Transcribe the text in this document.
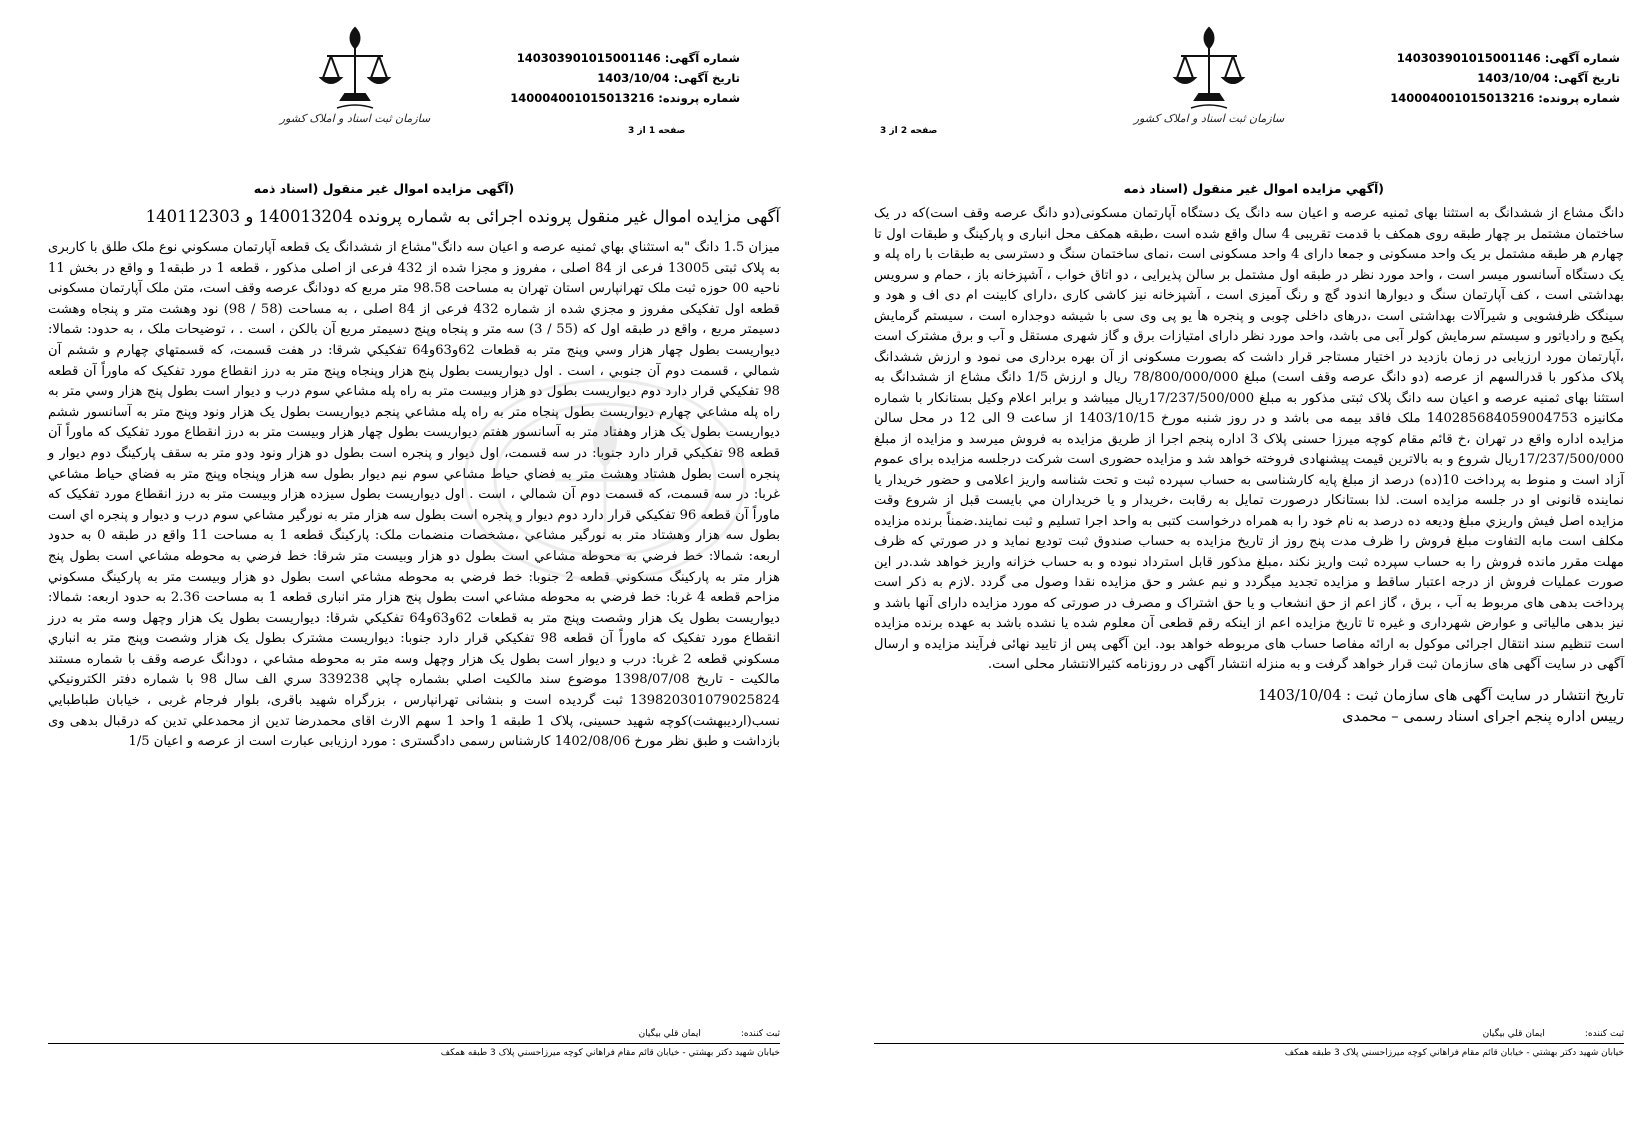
شماره آگهی:140303901015001146
تاریخ آگهی:1403/10/04
شماره پرونده:140004001015013216
سازمان ثبت اسناد و املاک کشور
صفحه 1 از 3
(آگهی مزایده اموال غیر منقول (اسناد ذمه
آگهی مزایده اموال غیر منقول پرونده اجرائی به شماره پرونده 140013204 و 140112303

میزان 1.5 دانگ "به استثناي بهاي ثمنيه عرصه و اعيان سه دانگ"مشاع از ششدانگ يک قطعه آپارتمان مسکوني نوع ملک طلق با کاربری به پلاک ثبتی 13005 فرعی از 84 اصلی ، مفروز و مجزا شده از 432 فرعی از اصلی مذکور ، قطعه 1 در طبقه1 و واقع در بخش 11 ناحيه 00 حوزه ثبت ملک تهرانپارس استان تهران به مساحت 98.58 متر مربع که دودانگ عرصه وقف است، متن ملک آپارتمان مسکونی قطعه اول تفکیکی مفروز و مجزي شده از شماره 432 فرعی از 84 اصلی ، به مساحت (58 / 98) نود وهشت متر و پنجاه وهشت دسیمتر مربع ، واقع در طبقه اول که (55 / 3) سه متر و پنجاه وپنج دسیمتر مربع آن بالکن ، است . ، توضیحات ملک ، به حدود: شمالا: دیواریست بطول چهار هزار وسي وپنج متر به قطعات 62و63و64 تفکیکي شرقا: در هفت قسمت، که قسمتهاي چهارم و ششم آن شمالي ، قسمت دوم آن جنوبي ، است . اول دیواریست بطول پنج هزار وپنجاه وپنج متر به درز انقطاع مورد تفکیک که ماوراً آن قطعه 98 تفکیکي قرار دارد دوم دیواریست بطول دو هزار وبیست متر به راه پله مشاعي سوم درب و دیوار است بطول پنج هزار وسي متر به راه پله مشاعي چهارم دیواریست بطول پنجاه متر به راه پله مشاعي پنجم دیواریست بطول یک هزار ونود وپنج متر به آسانسور ششم دیواریست بطول یک هزار وهفتاد متر به آسانسور هفتم دیواریست بطول چهار هزار وبیست متر به درز انقطاع مورد تفکیک که ماوراً آن قطعه 98 تفکیکي قرار دارد جنوبا: در سه قسمت، اول دیوار و پنجره است بطول دو هزار ونود ودو متر به سقف پارکینگ دوم دیوار و پنجره است بطول هشتاد وهشت متر به فضاي حیاط مشاعي سوم نیم دیوار بطول سه هزار وپنجاه وپنج متر به فضاي حیاط مشاعي غربا: در سه قسمت، که قسمت دوم آن شمالي ، است . اول دیواریست بطول سیزده هزار وبیست متر به درز انقطاع مورد تفکیک که ماوراً آن قطعه 96 تفکیکي قرار دارد دوم دیوار و پنجره است بطول سه هزار متر به نورگیر مشاعي سوم درب و دیوار و پنجره اي است بطول سه هزار وهشتاد متر به نورگیر مشاعي ،مشخصات منضمات ملک: پارکینگ قطعه 1 به مساحت 11 واقع در طبقه 0 به حدود اربعه: شمالا: خط فرضي به محوطه مشاعي است بطول دو هزار وبیست متر شرقا: خط فرضي به محوطه مشاعي است بطول پنج هزار متر به پارکینگ مسکوني قطعه 2 جنوبا: خط فرضي به محوطه مشاعي است بطول دو هزار وبیست متر به پارکینگ مسکوني مزاحم قطعه 4 غربا: خط فرضي به محوطه مشاعي است بطول پنج هزار متر انباری قطعه 1 به مساحت 2.36 به حدود اربعه: شمالا: دیواریست بطول یک هزار وشصت وپنج متر به قطعات 62و63و64 تفکیکي شرقا: دیواریست بطول یک هزار وچهل وسه متر به درز انقطاع مورد تفکیک که ماوراً آن قطعه 98 تفکیکي قرار دارد جنوبا: دیواریست مشترک بطول یک هزار وشصت وپنج متر به انباري مسکوني قطعه 2 غربا: درب و دیوار است بطول یک هزار وچهل وسه متر به محوطه مشاعي ، دودانگ عرصه وقف با شماره مستند مالکيت - تاریخ 1398/07/08 موضوع سند مالکيت اصلي بشماره چاپي 339238 سري الف سال 98 با شماره دفتر الکترونيکي 139820301079025824 ثبت گردیده است و بنشانی تهرانپارس ، بزرگراه شهید باقری، بلوار فرجام غربی ، خیابان طباطبايي نسب(اردیبهشت)کوچه شهید حسینی، پلاک 1 طبقه 1 واحد 1 سهم الارث اقای محمدرضا تدین از محمدعلي تدين که درقبال بدهی وی بازداشت و طبق نظر مورخ 1402/08/06 کارشناس رسمی دادگستری : مورد ارزیابی عبارت است از عرصه و اعیان 1/5

ثبت کننده:
ایمان قلي بیگیان
خیابان شهید دکتر بهشتي - خیابان قائم مقام فراهاني کوچه میرزاحسني پلاک 3 طبقه همکف
شماره آگهی:140303901015001146
تاریخ آگهی:1403/10/04
شماره پرونده:140004001015013216
سازمان ثبت اسناد و املاک کشور
صفحه 2 از 3
(آگهي مزایده اموال غیر منقول (اسناد ذمه

دانگ مشاع از ششدانگ به استثنا بهای ثمنیه عرصه و اعیان سه دانگ یک دستگاه آپارتمان مسکونی(دو دانگ عرصه وقف است)که در یک ساختمان مشتمل بر چهار طبقه روی همکف با قدمت تقریبی 4 سال واقع شده است ،طبقه همکف محل انباری و پارکینگ و طبقات اول تا چهارم هر طبقه مشتمل بر یک واحد مسکونی و جمعا دارای 4 واحد مسکونی است ،نمای ساختمان سنگ و دسترسی به طبقات با راه پله و یک دستگاه آسانسور میسر است ، واحد مورد نظر در طبقه اول مشتمل بر سالن پذیرایی ، دو اتاق خواب ، آشپزخانه باز ، حمام و سرویس بهداشتی است ، کف آپارتمان سنگ و دیوارها اندود گچ و رنگ آمیزی است ، آشپزخانه نیز کاشی کاری ،دارای کابینت ام دی اف و هود و سینگک ظرفشویی و شیرآلات بهداشتی است ،درهای داخلی چوبی و پنجره ها یو پی وی سی با شیشه دوجداره است ، سیستم گرمایش پکیج و رادیاتور و سیستم سرمایش کولر آبی می باشد، واحد مورد نظر دارای امتیازات برق و گاز شهری مستقل و آب و برق مشترک است ،آپارتمان مورد ارزیابی در زمان بازدید در اختیار مستاجر قرار داشت که بصورت مسکونی از آن بهره برداری می نمود و ارزش ششدانگ پلاک مذکور با قدرالسهم از عرصه (دو دانگ عرصه وقف است) مبلغ 78/800/000/000 ریال و ارزش 1/5 دانگ مشاع از ششدانگ به استثنا بهای ثمنیه عرصه و اعیان سه دانگ پلاک ثبتی مذکور به مبلغ 17/237/500/000ریال میباشد و برابر اعلام وکیل بستانکار با شماره مکانیزه 140285684059004753 ملک فاقد بیمه می باشد و در روز شنبه مورخ 1403/10/15 از ساعت 9 الی 12 در محل سالن مزایده اداره واقع در تهران ،خ قائم مقام کوچه میرزا حسنی پلاک 3 اداره پنجم اجرا از طریق مزایده به فروش میرسد و مزایده از مبلغ 17/237/500/000ریال شروع و به بالاترین قیمت پیشنهادی فروخته خواهد شد و مزایده حضوری است شرکت درجلسه مزایده برای عموم آزاد است و منوط به پرداخت 10(ده) درصد از مبلغ پایه کارشناسی به حساب سپرده ثبت و تحت شناسه واریز اعلامی و حضور خریدار یا نماینده قانونی او در جلسه مزایده است. لذا بستانکار درصورت تمایل به رقابت ،خریدار و یا خریداران مي بایست قبل از شروع وقت مزایده اصل فیش واریزي مبلغ ودیعه ده درصد به نام خود را به همراه درخواست کتبی به واحد اجرا تسلیم و ثبت نمایند.ضمناً برنده مزایده مکلف است مابه التفاوت مبلغ فروش را ظرف مدت پنج روز از تاریخ مزایده به حساب صندوق ثبت تودیع نماید و در صورتي که ظرف مهلت مقرر مانده فروش را به حساب سپرده ثبت واریز نکند ،مبلغ مذکور قابل استرداد نبوده و به حساب خزانه واریز خواهد شد.در این صورت عملیات فروش از درجه اعتبار ساقط و مزایده تجدید میگردد و نیم عشر و حق مزایده نقدا وصول می گردد .لازم به ذکر است پرداخت بدهی های مربوط به آب ، برق ، گاز اعم از حق انشعاب و یا حق اشتراک و مصرف در صورتی که مورد مزایده دارای آنها باشد و نیز بدهی مالیاتی و عوارض شهرداری و غیره تا تاریخ مزایده اعم از اینکه رقم قطعی آن معلوم شده یا نشده باشد به عهده برنده مزایده است تنظیم سند انتقال اجرائی موکول به ارائه مفاصا حساب های مربوطه خواهد بود. این آگهی پس از تایید نهائی فرآیند مزایده و ارسال آگهی در سایت آگهی های سازمان ثبت قرار خواهد گرفت و به منزله انتشار آگهی در روزنامه کثیرالانتشار محلی است.

تاریخ انتشار در سایت آگهی های سازمان ثبت : 1403/10/04
رییس اداره پنجم اجرای اسناد رسمی – محمدی
ثبت کننده:
ایمان قلي بیگیان
خیابان شهید دکتر بهشتي - خیابان قائم مقام فراهاني کوچه میرزاحسني پلاک 3 طبقه همکف
